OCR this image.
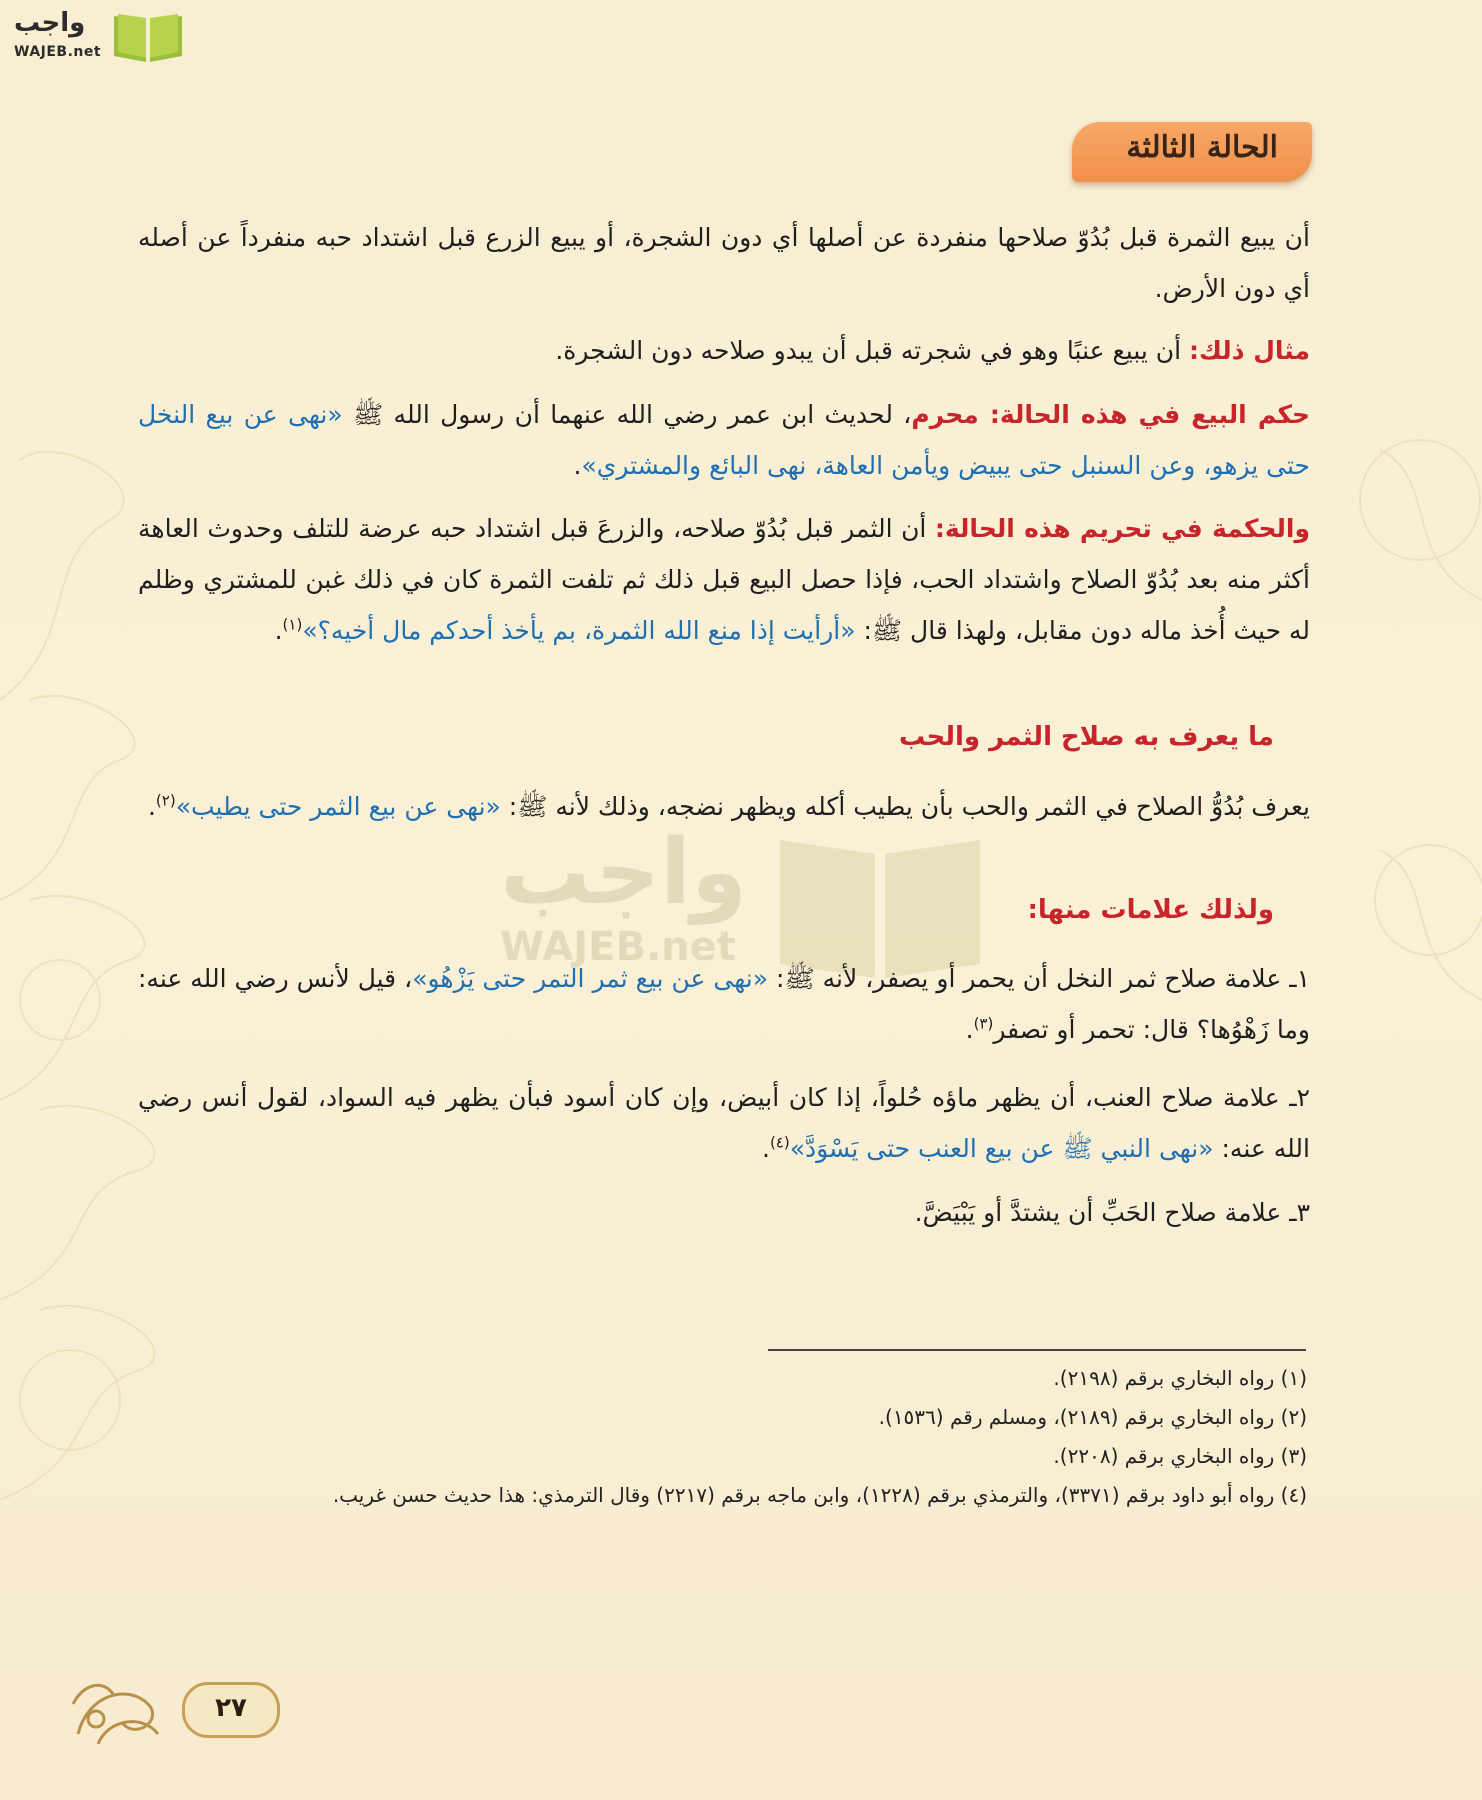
واجب
WAJEB.net
واجب
WAJEB.net
الحالة الثالثة
أن يبيع الثمرة قبل بُدُوّ صلاحها منفردة عن أصلها أي دون الشجرة، أو يبيع الزرع قبل اشتداد حبه منفرداً عن أصله أي دون الأرض.
مثال ذلك: أن يبيع عنبًا وهو في شجرته قبل أن يبدو صلاحه دون الشجرة.
حكم البيع في هذه الحالة: محرم، لحديث ابن عمر رضي الله عنهما أن رسول الله ﷺ «نهى عن بيع النخل حتى يزهو، وعن السنبل حتى يبيض ويأمن العاهة، نهى البائع والمشتري».
والحكمة في تحريم هذه الحالة: أن الثمر قبل بُدُوّ صلاحه، والزرعَ قبل اشتداد حبه عرضة للتلف وحدوث العاهة أكثر منه بعد بُدُوّ الصلاح واشتداد الحب، فإذا حصل البيع قبل ذلك ثم تلفت الثمرة كان في ذلك غبن للمشتري وظلم له حيث أُخذ ماله دون مقابل، ولهذا قال ﷺ: «أرأيت إذا منع الله الثمرة، بم يأخذ أحدكم مال أخيه؟»$^{(١)}$.
ما يعرف به صلاح الثمر والحب
يعرف بُدُوُّ الصلاح في الثمر والحب بأن يطيب أكله ويظهر نضجه، وذلك لأنه ﷺ: «نهى عن بيع الثمر حتى يطيب»$^{(٢)}$.
ولذلك علامات منها:
١ـ علامة صلاح ثمر النخل أن يحمر أو يصفر، لأنه ﷺ: «نهى عن بيع ثمر التمر حتى يَزْهُو»، قيل لأنس رضي الله عنه: وما زَهْوُها؟ قال: تحمر أو تصفر$^{(٣)}$.
٢ـ علامة صلاح العنب، أن يظهر ماؤه حُلواً، إذا كان أبيض، وإن كان أسود فبأن يظهر فيه السواد، لقول أنس رضي الله عنه: «نهى النبي ﷺ عن بيع العنب حتى يَسْوَدَّ»$^{(٤)}$.
٣ـ علامة صلاح الحَبِّ أن يشتدَّ أو يَبْيَضَّ.
(١) رواه البخاري برقم (٢١٩٨).
(٢) رواه البخاري برقم (٢١٨٩)، ومسلم رقم (١٥٣٦).
(٣) رواه البخاري برقم (٢٢٠٨).
(٤) رواه أبو داود برقم (٣٣٧١)، والترمذي برقم (١٢٢٨)، وابن ماجه برقم (٢٢١٧) وقال الترمذي: هذا حديث حسن غريب.
٢٧
